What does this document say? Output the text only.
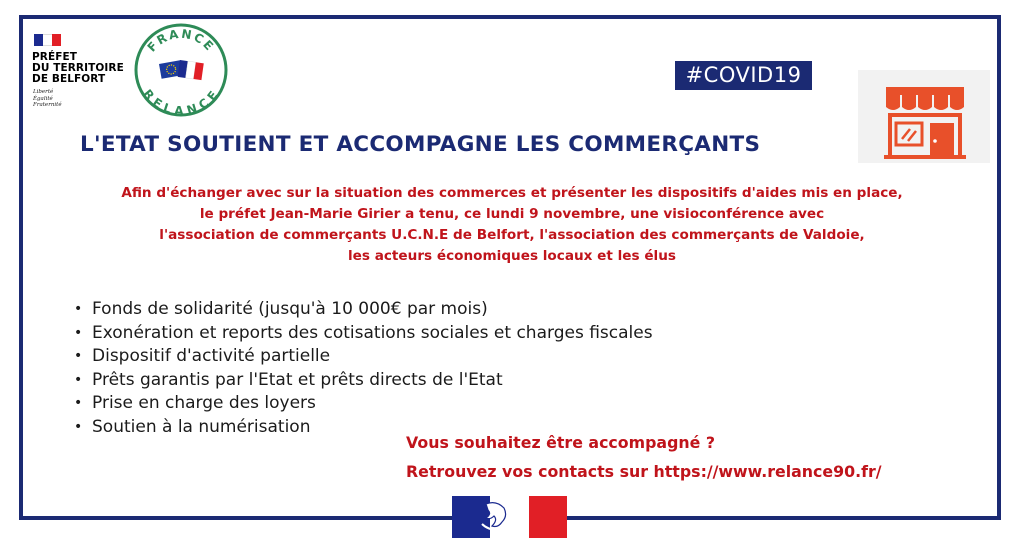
PRÉFET
DU TERRITOIRE
DE BELFORT
Liberté
Égalité
Fraternité
FRANCE
RELANCE
#COVID19
L'ETAT SOUTIENT ET ACCOMPAGNE LES COMMERÇANTS
Afin d'échanger avec sur la situation des commerces et présenter les dispositifs d'aides mis en place,
le préfet Jean-Marie Girier a tenu, ce lundi 9 novembre, une visioconférence avec
l'association de commerçants U.C.N.E de Belfort, l'association des commerçants de Valdoie,
les acteurs économiques locaux et les élus
• Fonds de solidarité (jusqu'à 10 000€ par mois)
• Exonération et reports des cotisations sociales et charges fiscales
• Dispositif d'activité partielle
• Prêts garantis par l'Etat et prêts directs de l'Etat
• Prise en charge des loyers
• Soutien à la numérisation
Vous souhaitez être accompagné ?
Retrouvez vos contacts sur https://www.relance90.fr/
